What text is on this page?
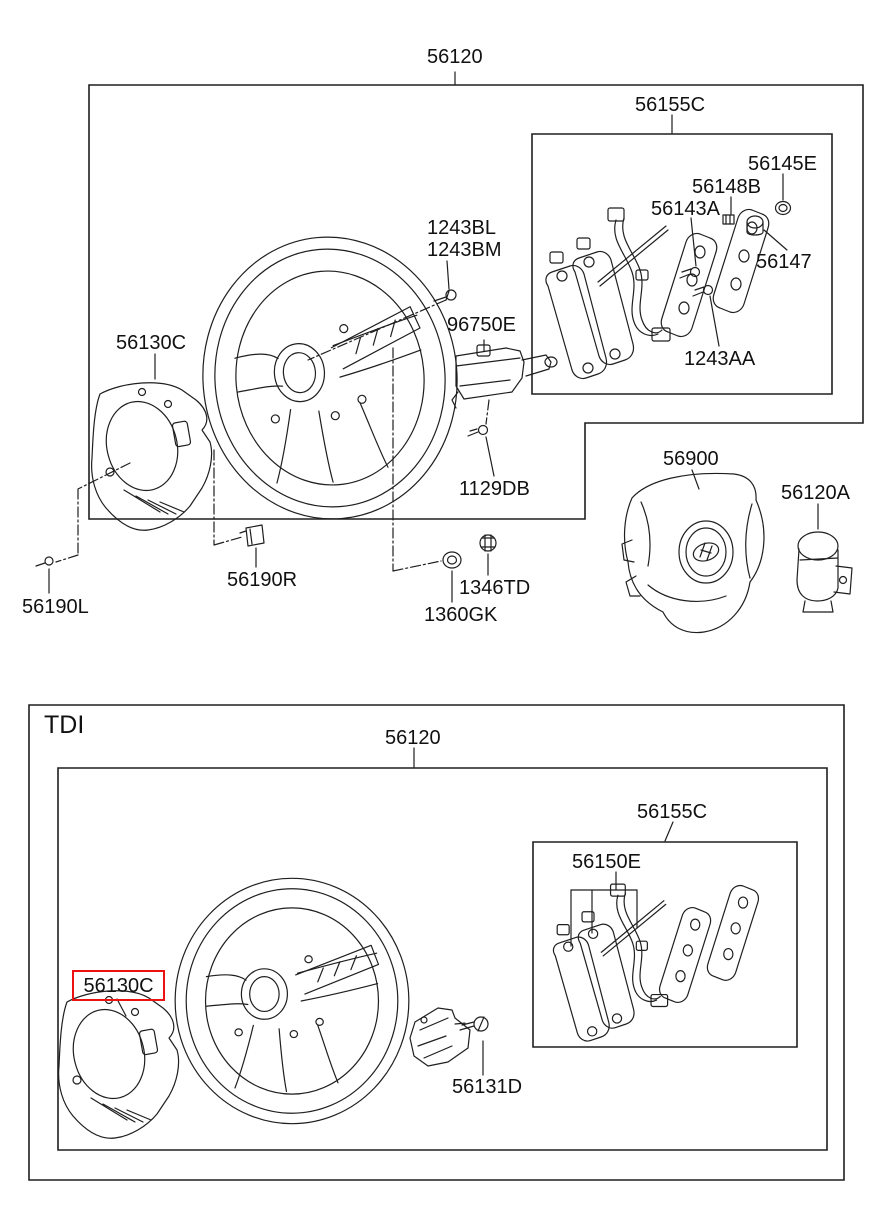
56120
56155C
56145E
56148B
56143A
1243BL
1243BM
56147
96750E
56130C
1243AA
56900
1129DB	56120A
56190R	1346TD
56190L	1360GK
TDI	56120
56155C
56150E
56130C
56131D
